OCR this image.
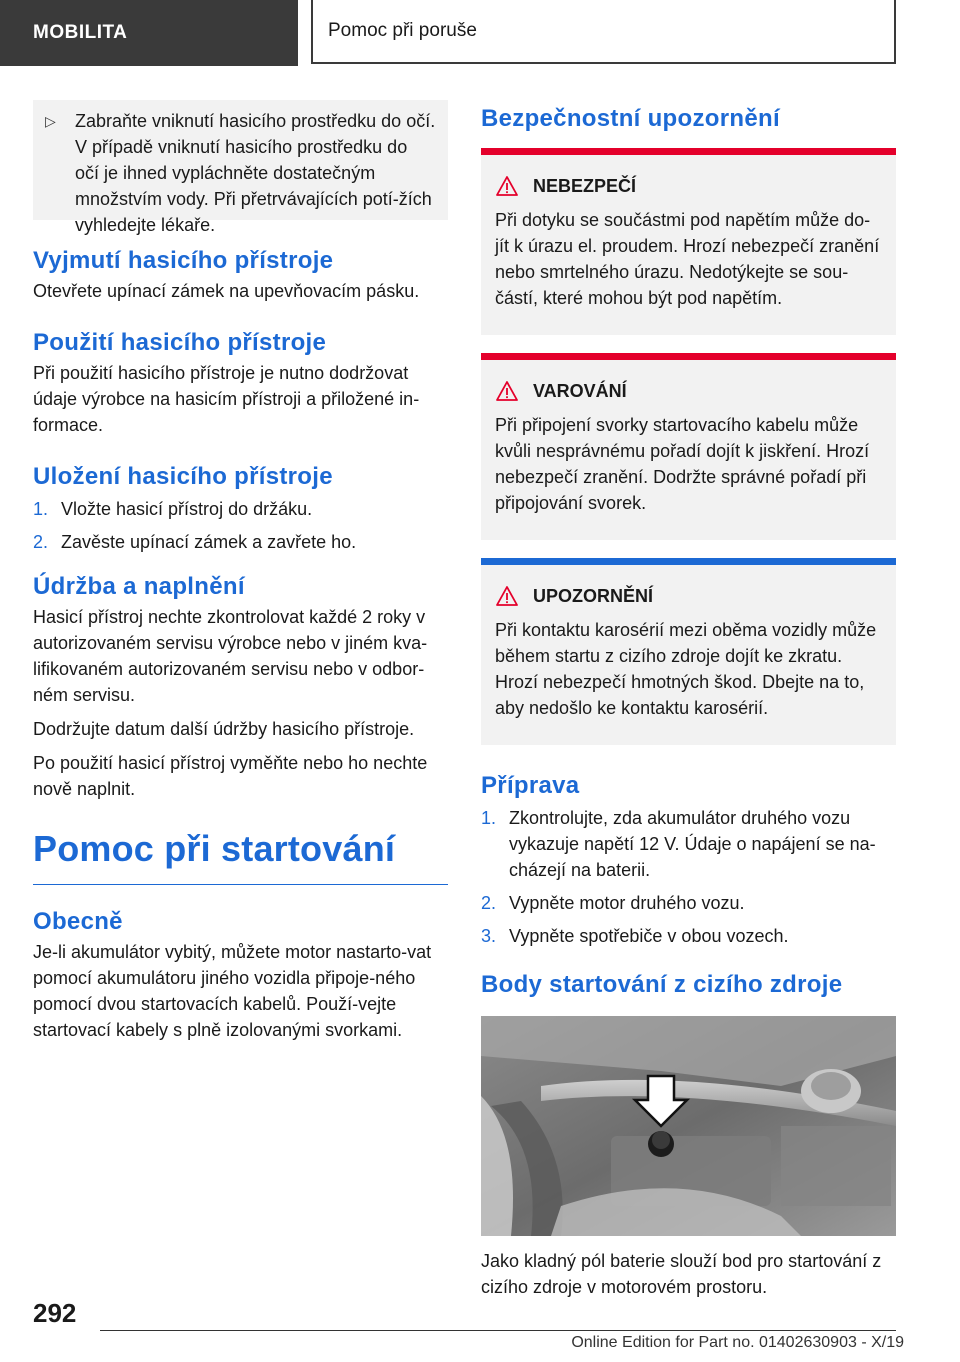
MOBILITA	Pomoc při poruše
▷	Zabraňte vniknutí hasicího prostředku do očí. V případě vniknutí hasicího prostředku do očí je ihned vypláchněte dostatečným množstvím vody. Při přetrvávajících potí-žích vyhledejte lékaře.

Vyjmutí hasicího přístroje

Otevřete upínací zámek na upevňovacím pásku.

Použití hasicího přístroje

Při použití hasicího přístroje je nutno dodržovat údaje výrobce na hasicím přístroji a přiložené in-formace.

Uložení hasicího přístroje
1. Vložte hasicí přístroj do držáku.
2. Zavěste upínací zámek a zavřete ho.
Údržba a naplnění

Hasicí přístroj nechte zkontrolovat každé 2 roky v autorizovaném servisu výrobce nebo v jiném kva-lifikovaném autorizovaném servisu nebo v odbor-ném servisu.

Dodržujte datum další údržby hasicího přístroje.

Po použití hasicí přístroj vyměňte nebo ho nechte nově naplnit.

Pomoc při startování
Obecně

Je-li akumulátor vybitý, můžete motor nastarto-vat pomocí akumulátoru jiného vozidla připoje-ného pomocí dvou startovacích kabelů. Použí-vejte startovací kabely s plně izolovanými svorkami.

Bezpečnostní upozornění
NEBEZPEČÍ

Při dotyku se součástmi pod napětím může do-jít k úrazu el. proudem. Hrozí nebezpečí zranění nebo smrtelného úrazu. Nedotýkejte se sou-částí, které mohou být pod napětím.

VAROVÁNÍ

Při připojení svorky startovacího kabelu může kvůli nesprávnému pořadí dojít k jiskření. Hrozí nebezpečí zranění. Dodržte správné pořadí při připojování svorek.

UPOZORNĚNÍ

Při kontaktu karosérií mezi oběma vozidly může během startu z cizího zdroje dojít ke zkratu. Hrozí nebezpečí hmotných škod. Dbejte na to, aby nedošlo ke kontaktu karosérií.

Příprava
1. Zkontrolujte, zda akumulátor druhého vozu vykazuje napětí 12 V. Údaje o napájení se na-cházejí na baterii.
2. Vypněte motor druhého vozu.
3. Vypněte spotřebiče v obou vozech.
Body startování z cizího zdroje

Jako kladný pól baterie slouží bod pro startování z cizího zdroje v motorovém prostoru.

292
Online Edition for Part no. 01402630903 - X/19
